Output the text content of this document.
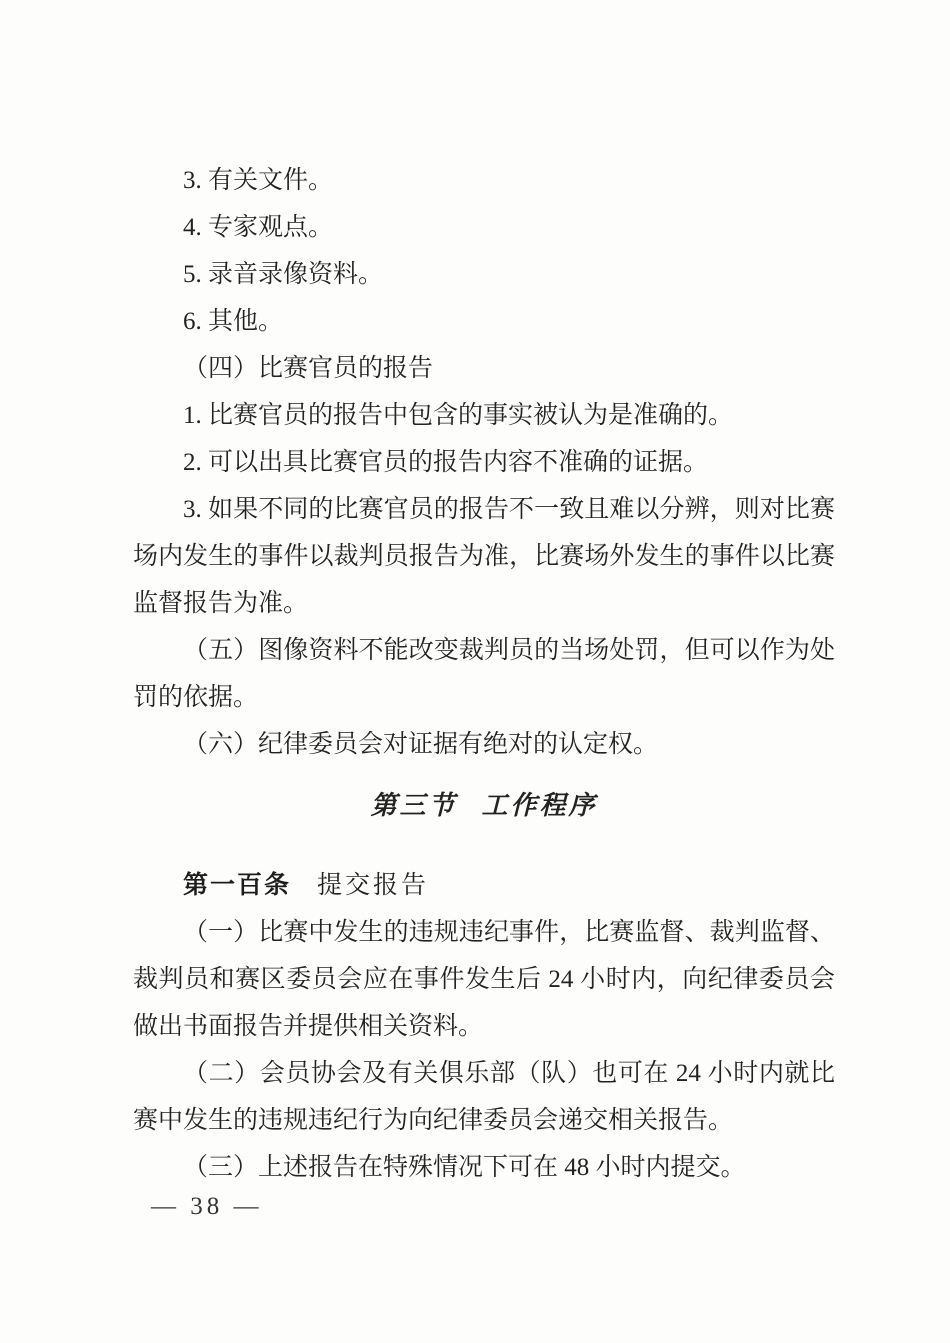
3. 有关文件。

4. 专家观点。

5. 录音录像资料。

6. 其他。

（四）比赛官员的报告

1. 比赛官员的报告中包含的事实被认为是准确的。

2. 可以出具比赛官员的报告内容不准确的证据。

3. 如果不同的比赛官员的报告不一致且难以分辨，则对比赛场内发生的事件以裁判员报告为准，比赛场外发生的事件以比赛监督报告为准。

（五）图像资料不能改变裁判员的当场处罚，但可以作为处罚的依据。

（六）纪律委员会对证据有绝对的认定权。

第三节 工作程序

第一百条 提交报告

（一）比赛中发生的违规违纪事件，比赛监督、裁判监督、裁判员和赛区委员会应在事件发生后 24 小时内，向纪律委员会做出书面报告并提供相关资料。

（二）会员协会及有关俱乐部（队）也可在 24 小时内就比赛中发生的违规违纪行为向纪律委员会递交相关报告。

（三）上述报告在特殊情况下可在 48 小时内提交。

— 38 —
